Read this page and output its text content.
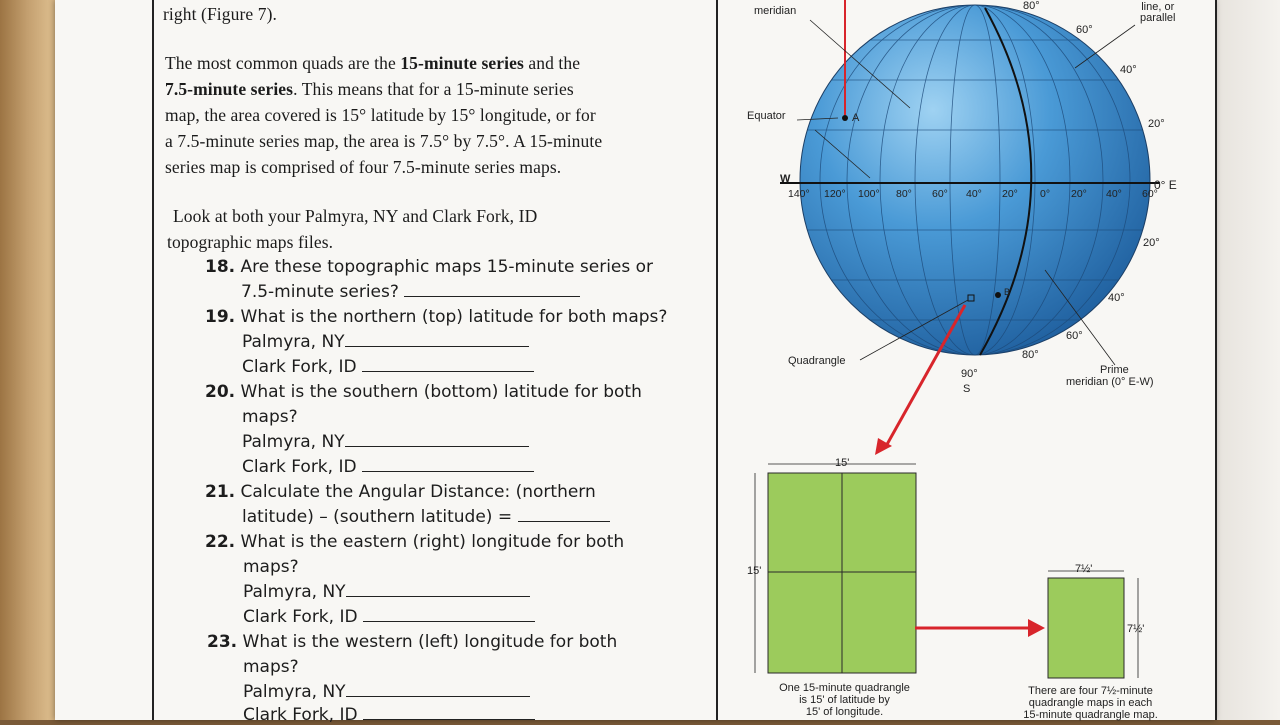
right (Figure 7).
The most common quads are the 15-minute series and the
7.5-minute series. This means that for a 15-minute series
map, the area covered is 15° latitude by 15° longitude, or for
a 7.5-minute series map, the area is 7.5° by 7.5°. A 15-minute
series map is comprised of four 7.5-minute series maps.
Look at both your Palmyra, NY and Clark Fork, ID
topographic maps files.
18. Are these topographic maps 15-minute series or
7.5-minute series?
19. What is the northern (top) latitude for both maps?
Palmyra, NY
Clark Fork, ID
20. What is the southern (bottom) latitude for both
maps?
Palmyra, NY
Clark Fork, ID
21. Calculate the Angular Distance: (northern
latitude) – (southern latitude) =
22. What is the eastern (right) longitude for both
maps?
Palmyra, NY
Clark Fork, ID
23. What is the western (left) longitude for both
maps?
Palmyra, NY
Clark Fork, ID
meridian	line, or
parallel
Equator	A
B
W	0° E
80°
60°
40°
20°
20°
40°
60°
80°
140° 120° 100° 80° 60° 40° 20° 0° 20° 40° 60°
Quadrangle
90°
S
Prime
meridian (0° E-W)
15'
15'	7½'
7½'
One 15-minute quadrangle
is 15' of latitude by
15' of longitude.
There are four 7½-minute
quadrangle maps in each
15-minute quadrangle map.
